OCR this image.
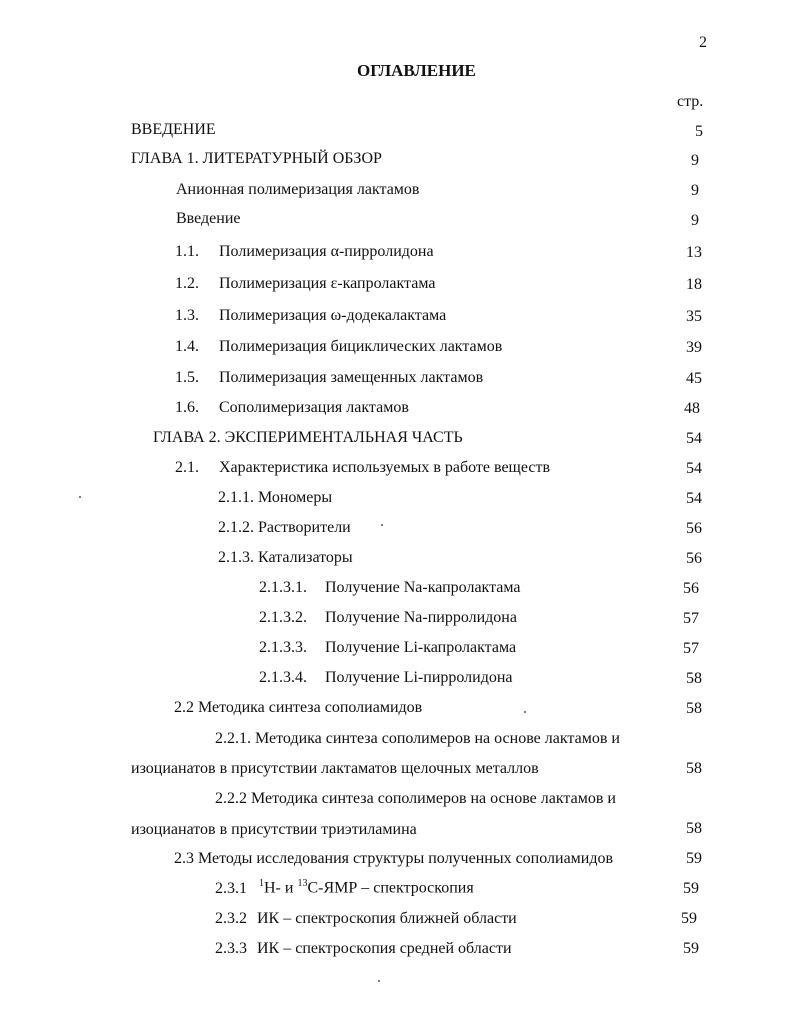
2
ОГЛАВЛЕНИЕ
стр.
ВВЕДЕНИЕ	5
ГЛАВА 1. ЛИТЕРАТУРНЫЙ ОБЗОР	9
Анионная полимеризация лактамов	9
Введение	9
1.1. Полимеризация α-пирролидона	13
1.2. Полимеризация ε-капролактама	18
1.3. Полимеризация ω-додекалактама	35
1.4. Полимеризация бициклических лактамов	39
1.5. Полимеризация замещенных лактамов	45
1.6. Сополимеризация лактамов	48
ГЛАВА 2. ЭКСПЕРИМЕНТАЛЬНАЯ ЧАСТЬ	54
2.1. Характеристика используемых в работе веществ	54
2.1.1. Мономеры	54
2.1.2. Растворители	56
2.1.3. Катализаторы	56
2.1.3.1. Получение Na-капролактама	56
2.1.3.2. Получение Na-пирролидона	57
2.1.3.3. Получение Li-капролактама	57
2.1.3.4. Получение Li-пирролидона	58
2.2 Методика синтеза сополиамидов	58
2.2.1. Методика синтеза сополимеров на основе лактамов и
изоцианатов в присутствии лактаматов щелочных металлов	58
2.2.2 Методика синтеза сополимеров на основе лактамов и
изоцианатов в присутствии триэтиламина	58
2.3 Методы исследования структуры полученных сополиамидов	59
2.3.1 $^1$Н- и $^{13}$С-ЯМР – спектроскопия	59
2.3.2 ИК – спектроскопия ближней области	59
2.3.3 ИК – спектроскопия средней области	59
